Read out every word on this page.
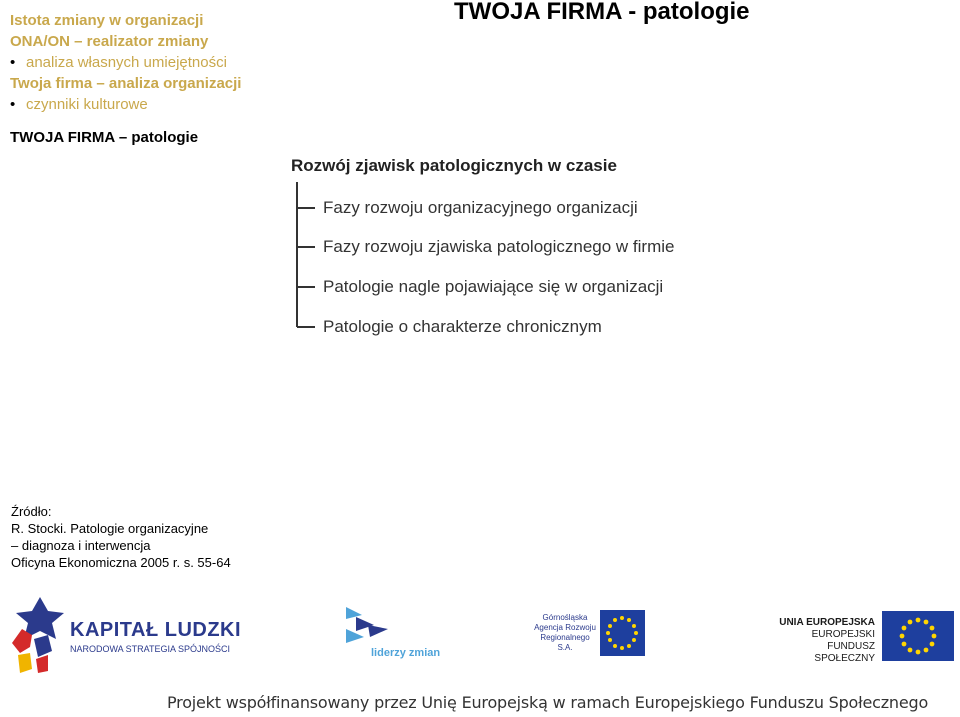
Istota zmiany w organizacji
ONA/ON – realizator zmiany
• analiza własnych umiejętności
Twoja firma – analiza organizacji
• czynniki kulturowe
TWOJA FIRMA – patologie
TWOJA FIRMA - patologie
Rozwój zjawisk patologicznych w czasie
Fazy rozwoju organizacyjnego organizacji
Fazy rozwoju zjawiska patologicznego w firmie
Patologie nagle pojawiające się w organizacji
Patologie o charakterze chronicznym
Źródło:
R. Stocki. Patologie organizacyjne
– diagnoza i interwencja
Oficyna Ekonomiczna 2005 r. s. 55-64
KAPITAŁ LUDZKI
NARODOWA STRATEGIA SPÓJNOŚCI	liderzy zmian
Górnośląska Agencja Rozwoju Regionalnego S.A.
UNIA EUROPEJSKA
EUROPEJSKI
FUNDUSZ SPOŁECZNY
Projekt współfinansowany przez Unię Europejską w ramach Europejskiego Funduszu Społecznego
